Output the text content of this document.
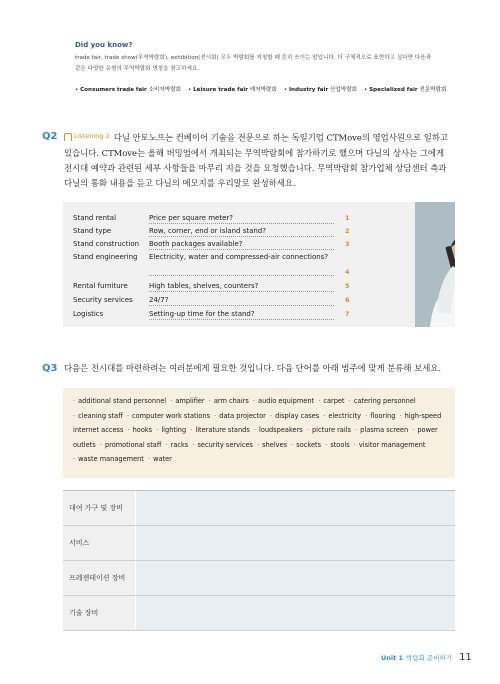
Did you know?
trade fair, trade show(무역박람회), exhibition(전시회) 모두 박람회를 지칭할 때 흔히 쓰이는 말입니다. 더 구체적으로 표현하고 싶다면 다음과 같은 다양한 유형의 무역박람회 명칭을 참고하세요.
• Consumers trade fair 소비자박람회 • Leisure trade fair 레저박람회 • Industry fair 산업박람회 • Specialized fair 전문박람회
Q2	Listening 2 다닐 안토노프는 컨베이어 기술을 전문으로 하는 독일기업 CTMove의 영업사원으로 일하고 있습니다. CTMove는 올해 버밍엄에서 개최되는 무역박람회에 참가하기로 했으며 다닐의 상사는 그에게 전시대 예약과 관련된 세부 사항들을 마무리 지을 것을 요청했습니다. 무역박람회 참가업체 상담센터 측과 다닐의 통화 내용을 듣고 다닐의 메모지를 우리말로 완성하세요.
Stand rental	Price per square meter?	1
Stand type	Row, corner, end or island stand?	2
Stand construction	Booth packages available?	3
Stand engineering	Electricity, water and compressed-air connections?
4
Rental furniture	High tables, shelves, counters?	5
Security services	24/7?	6
Logistics	Setting-up time for the stand?	7
Q3 다음은 전시대를 마련하려는 여러분에게 필요한 것입니다. 다음 단어를 아래 범주에 맞게 분류해 보세요.
· additional stand personnel · amplifier · arm chairs · audio equipment · carpet · catering personnel · cleaning staff · computer work stations · data projector · display cases · electricity · flooring · high-speed internet access · hooks · lighting · literature stands · loudspeakers · picture rails · plasma screen · power outlets · promotional staff · racks · security services · shelves · sockets · stools · visitor management · waste management · water
대여 가구 및 장비
서비스
프레젠테이션 장비
기술 장비
Unit 1 박람회 준비하기 11
